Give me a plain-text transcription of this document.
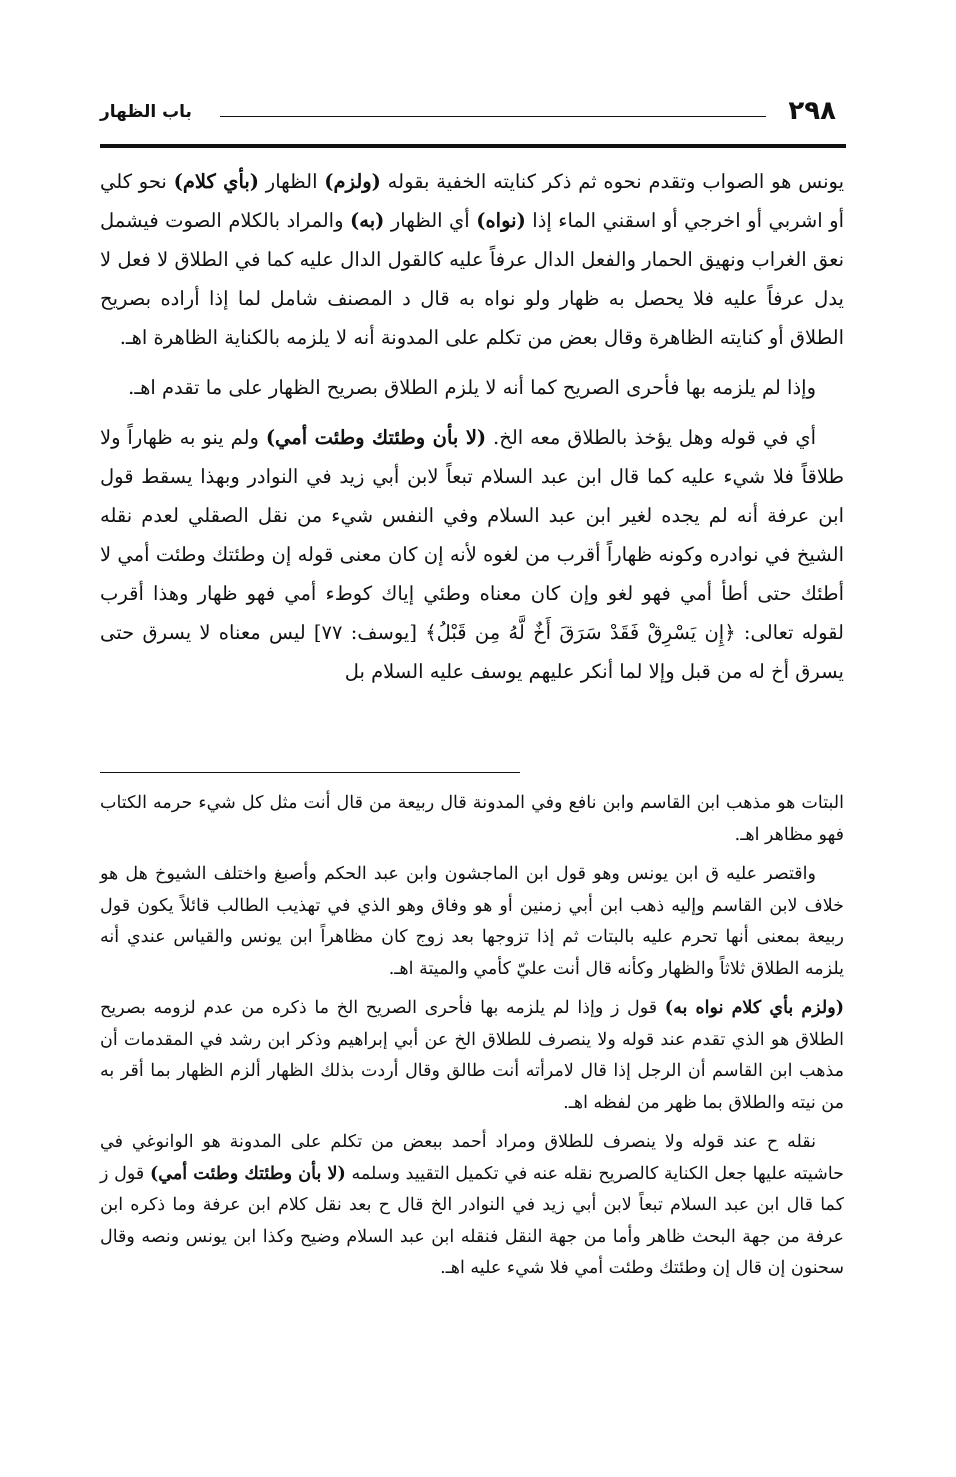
٢٩٨
باب الظهار

يونس هو الصواب وتقدم نحوه ثم ذكر كنايته الخفية بقوله (ولزم) الظهار (بأي كلام) نحو كلي أو اشربي أو اخرجي أو اسقني الماء إذا (نواه) أي الظهار (به) والمراد بالكلام الصوت فيشمل نعق الغراب ونهيق الحمار والفعل الدال عرفاً عليه كالقول الدال عليه كما في الطلاق لا فعل لا يدل عرفاً عليه فلا يحصل به ظهار ولو نواه به قال د المصنف شامل لما إذا أراده بصريح الطلاق أو كنايته الظاهرة وقال بعض من تكلم على المدونة أنه لا يلزمه بالكناية الظاهرة اهـ.

وإذا لم يلزمه بها فأحرى الصريح كما أنه لا يلزم الطلاق بصريح الظهار على ما تقدم اهـ.

أي في قوله وهل يؤخذ بالطلاق معه الخ. (لا بأن وطئتك وطئت أمي) ولم ينو به ظهاراً ولا طلاقاً فلا شيء عليه كما قال ابن عبد السلام تبعاً لابن أبي زيد في النوادر وبهذا يسقط قول ابن عرفة أنه لم يجده لغير ابن عبد السلام وفي النفس شيء من نقل الصقلي لعدم نقله الشيخ في نوادره وكونه ظهاراً أقرب من لغوه لأنه إن كان معنى قوله إن وطئتك وطئت أمي لا أطئك حتى أطأ أمي فهو لغو وإن كان معناه وطئي إياك كوطء أمي فهو ظهار وهذا أقرب لقوله تعالى: ﴿إِن يَسْرِقْ فَقَدْ سَرَقَ أَخٌ لَّهُ مِن قَبْلُ﴾ [يوسف: ٧٧] ليس معناه لا يسرق حتى يسرق أخ له من قبل وإلا لما أنكر عليهم يوسف عليه السلام بل

البتات هو مذهب ابن القاسم وابن نافع وفي المدونة قال ربيعة من قال أنت مثل كل شيء حرمه الكتاب فهو مظاهر اهـ.

واقتصر عليه ق ابن يونس وهو قول ابن الماجشون وابن عبد الحكم وأصبغ واختلف الشيوخ هل هو خلاف لابن القاسم وإليه ذهب ابن أبي زمنين أو هو وفاق وهو الذي في تهذيب الطالب قائلاً يكون قول ربيعة بمعنى أنها تحرم عليه بالبتات ثم إذا تزوجها بعد زوج كان مظاهراً ابن يونس والقياس عندي أنه يلزمه الطلاق ثلاثاً والظهار وكأنه قال أنت عليّ كأمي والميتة اهـ.

(ولزم بأي كلام نواه به) قول ز وإذا لم يلزمه بها فأحرى الصريح الخ ما ذكره من عدم لزومه بصريح الطلاق هو الذي تقدم عند قوله ولا ينصرف للطلاق الخ عن أبي إبراهيم وذكر ابن رشد في المقدمات أن مذهب ابن القاسم أن الرجل إذا قال لامرأته أنت طالق وقال أردت بذلك الظهار ألزم الظهار بما أقر به من نيته والطلاق بما ظهر من لفظه اهـ.

نقله ح عند قوله ولا ينصرف للطلاق ومراد أحمد ببعض من تكلم على المدونة هو الوانوغي في حاشيته عليها جعل الكناية كالصريح نقله عنه في تكميل التقييد وسلمه (لا بأن وطئتك وطئت أمي) قول ز كما قال ابن عبد السلام تبعاً لابن أبي زيد في النوادر الخ قال ح بعد نقل كلام ابن عرفة وما ذكره ابن عرفة من جهة البحث ظاهر وأما من جهة النقل فنقله ابن عبد السلام وضيح وكذا ابن يونس ونصه وقال سحنون إن قال إن وطئتك وطئت أمي فلا شيء عليه اهـ.
